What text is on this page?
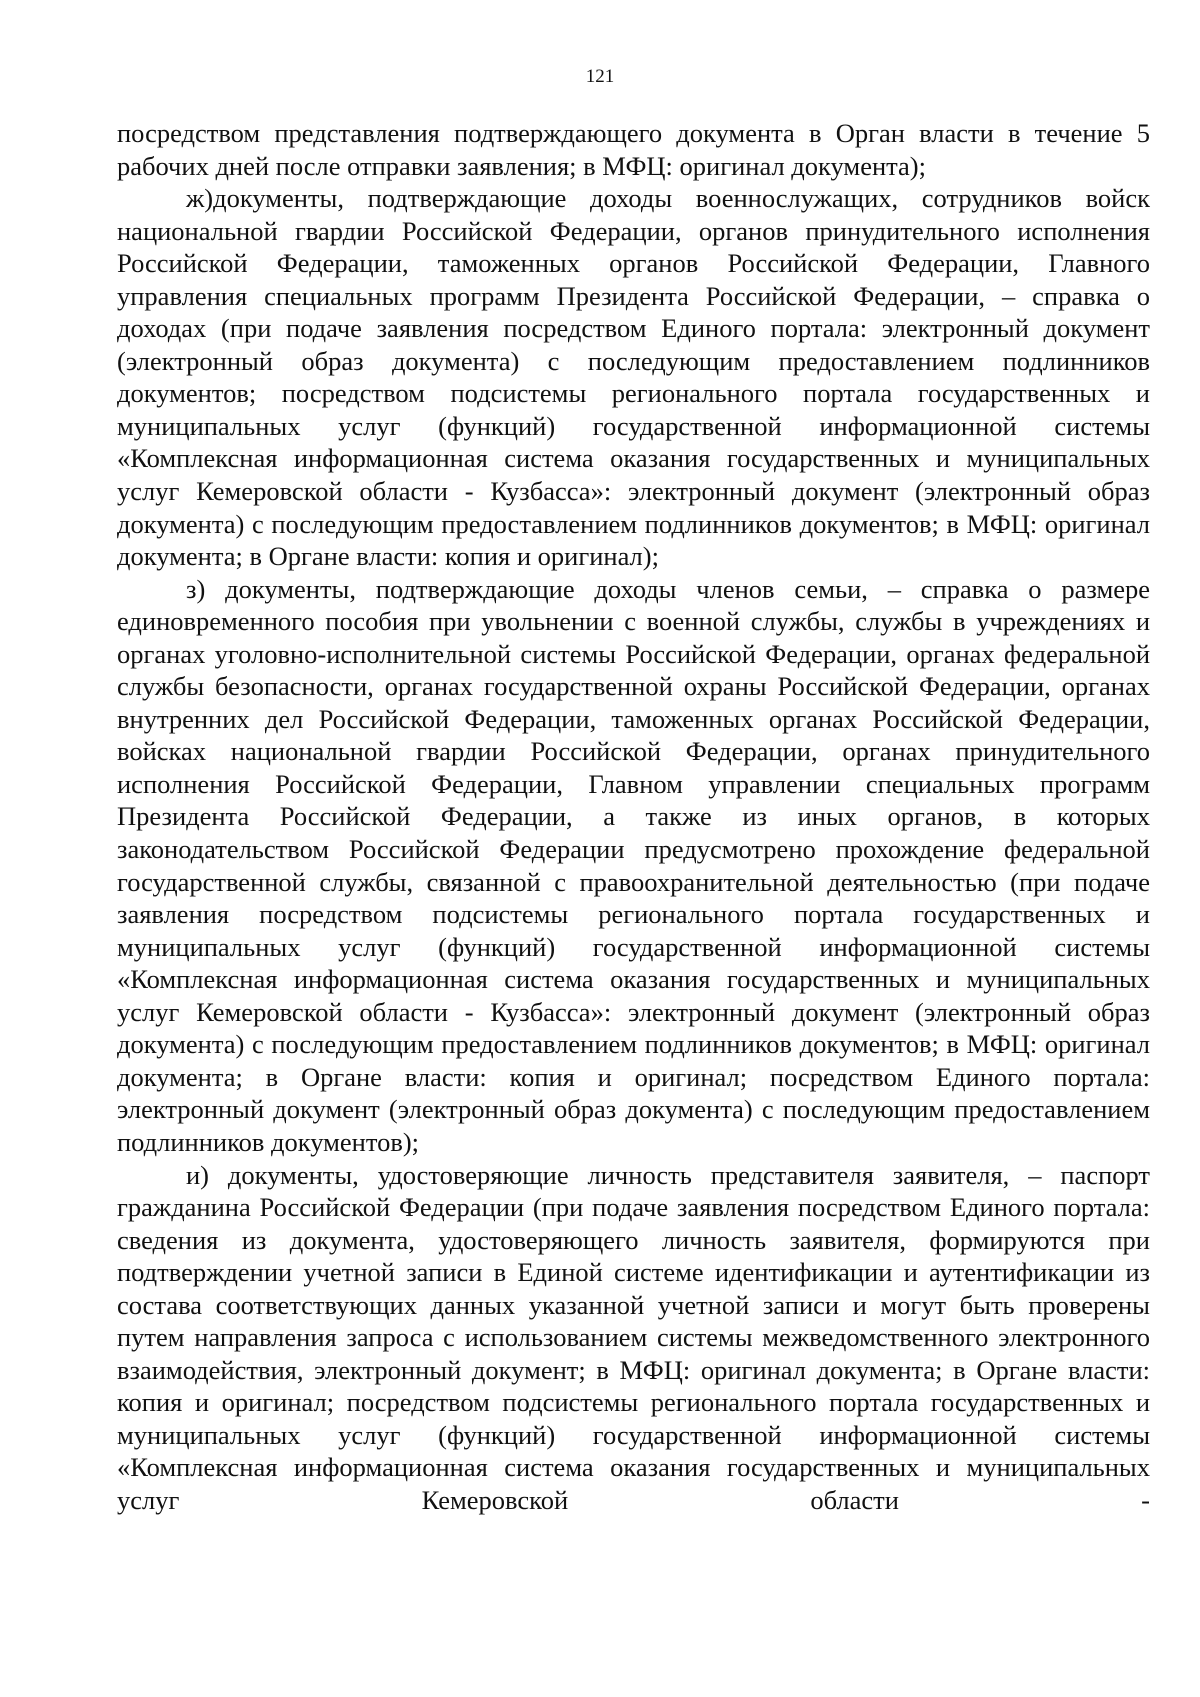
121

посредством представления подтверждающего документа в Орган власти в течение 5 рабочих дней после отправки заявления; в МФЦ: оригинал документа);

ж)документы, подтверждающие доходы военнослужащих, сотрудников войск национальной гвардии Российской Федерации, органов принудительного исполнения Российской Федерации, таможенных органов Российской Федерации, Главного управления специальных программ Президента Российской Федерации, – справка о доходах (при подаче заявления посредством Единого портала: электронный документ (электронный образ документа) с последующим предоставлением подлинников документов; посредством подсистемы регионального портала государственных и муниципальных услуг (функций) государственной информационной системы «Комплексная информационная система оказания государственных и муниципальных услуг Кемеровской области - Кузбасса»: электронный документ (электронный образ документа) с последующим предоставлением подлинников документов; в МФЦ: оригинал документа; в Органе власти: копия и оригинал);

з) документы, подтверждающие доходы членов семьи, – справка о размере единовременного пособия при увольнении с военной службы, службы в учреждениях и органах уголовно-исполнительной системы Российской Федерации, органах федеральной службы безопасности, органах государственной охраны Российской Федерации, органах внутренних дел Российской Федерации, таможенных органах Российской Федерации, войсках национальной гвардии Российской Федерации, органах принудительного исполнения Российской Федерации, Главном управлении специальных программ Президента Российской Федерации, а также из иных органов, в которых законодательством Российской Федерации предусмотрено прохождение федеральной государственной службы, связанной с правоохранительной деятельностью (при подаче заявления посредством подсистемы регионального портала государственных и муниципальных услуг (функций) государственной информационной системы «Комплексная информационная система оказания государственных и муниципальных услуг Кемеровской области - Кузбасса»: электронный документ (электронный образ документа) с последующим предоставлением подлинников документов; в МФЦ: оригинал документа; в Органе власти: копия и оригинал; посредством Единого портала: электронный документ (электронный образ документа) с последующим предоставлением подлинников документов);

и) документы, удостоверяющие личность представителя заявителя, – паспорт гражданина Российской Федерации (при подаче заявления посредством Единого портала: сведения из документа, удостоверяющего личность заявителя, формируются при подтверждении учетной записи в Единой системе идентификации и аутентификации из состава соответствующих данных указанной учетной записи и могут быть проверены путем направления запроса с использованием системы межведомственного электронного взаимодействия, электронный документ; в МФЦ: оригинал документа; в Органе власти: копия и оригинал; посредством подсистемы регионального портала государственных и муниципальных услуг (функций) государственной информационной системы «Комплексная информационная система оказания государственных и муниципальных услуг Кемеровской области -
